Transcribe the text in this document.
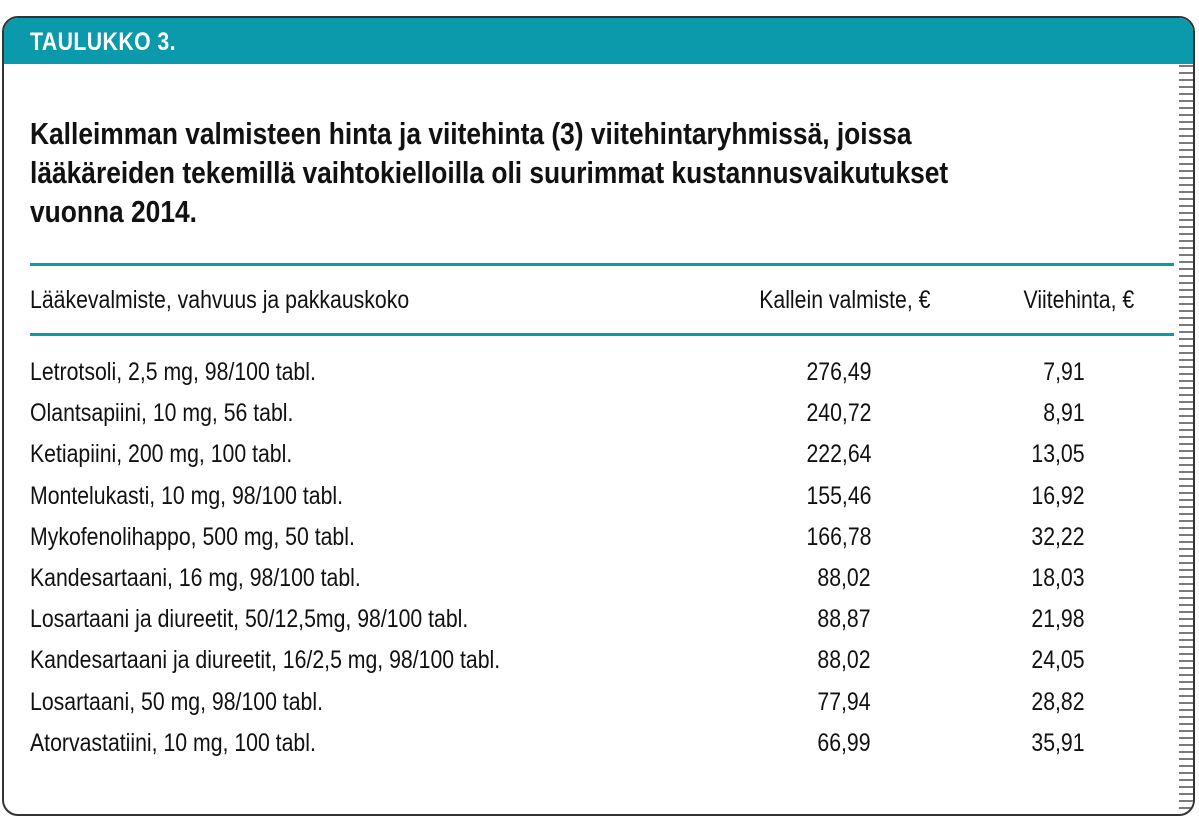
TAULUKKO 3.
Kalleimman valmisteen hinta ja viitehinta (3) viitehintaryhmissä, joissa
lääkäreiden tekemillä vaihtokielloilla oli suurimmat kustannusvaikutukset
vuonna 2014.
Lääkevalmiste, vahvuus ja pakkauskoko	Kallein valmiste, €	Viitehinta, €
Letrotsoli, 2,5 mg, 98/100 tabl.	276,49	7,91
Olantsapiini, 10 mg, 56 tabl.	240,72	8,91
Ketiapiini, 200 mg, 100 tabl.	222,64	13,05
Montelukasti, 10 mg, 98/100 tabl.	155,46	16,92
Mykofenolihappo, 500 mg, 50 tabl.	166,78	32,22
Kandesartaani, 16 mg, 98/100 tabl.	88,02	18,03
Losartaani ja diureetit, 50/12,5mg, 98/100 tabl.	88,87	21,98
Kandesartaani ja diureetit, 16/2,5 mg, 98/100 tabl.	88,02	24,05
Losartaani, 50 mg, 98/100 tabl.	77,94	28,82
Atorvastatiini, 10 mg, 100 tabl.	66,99	35,91
